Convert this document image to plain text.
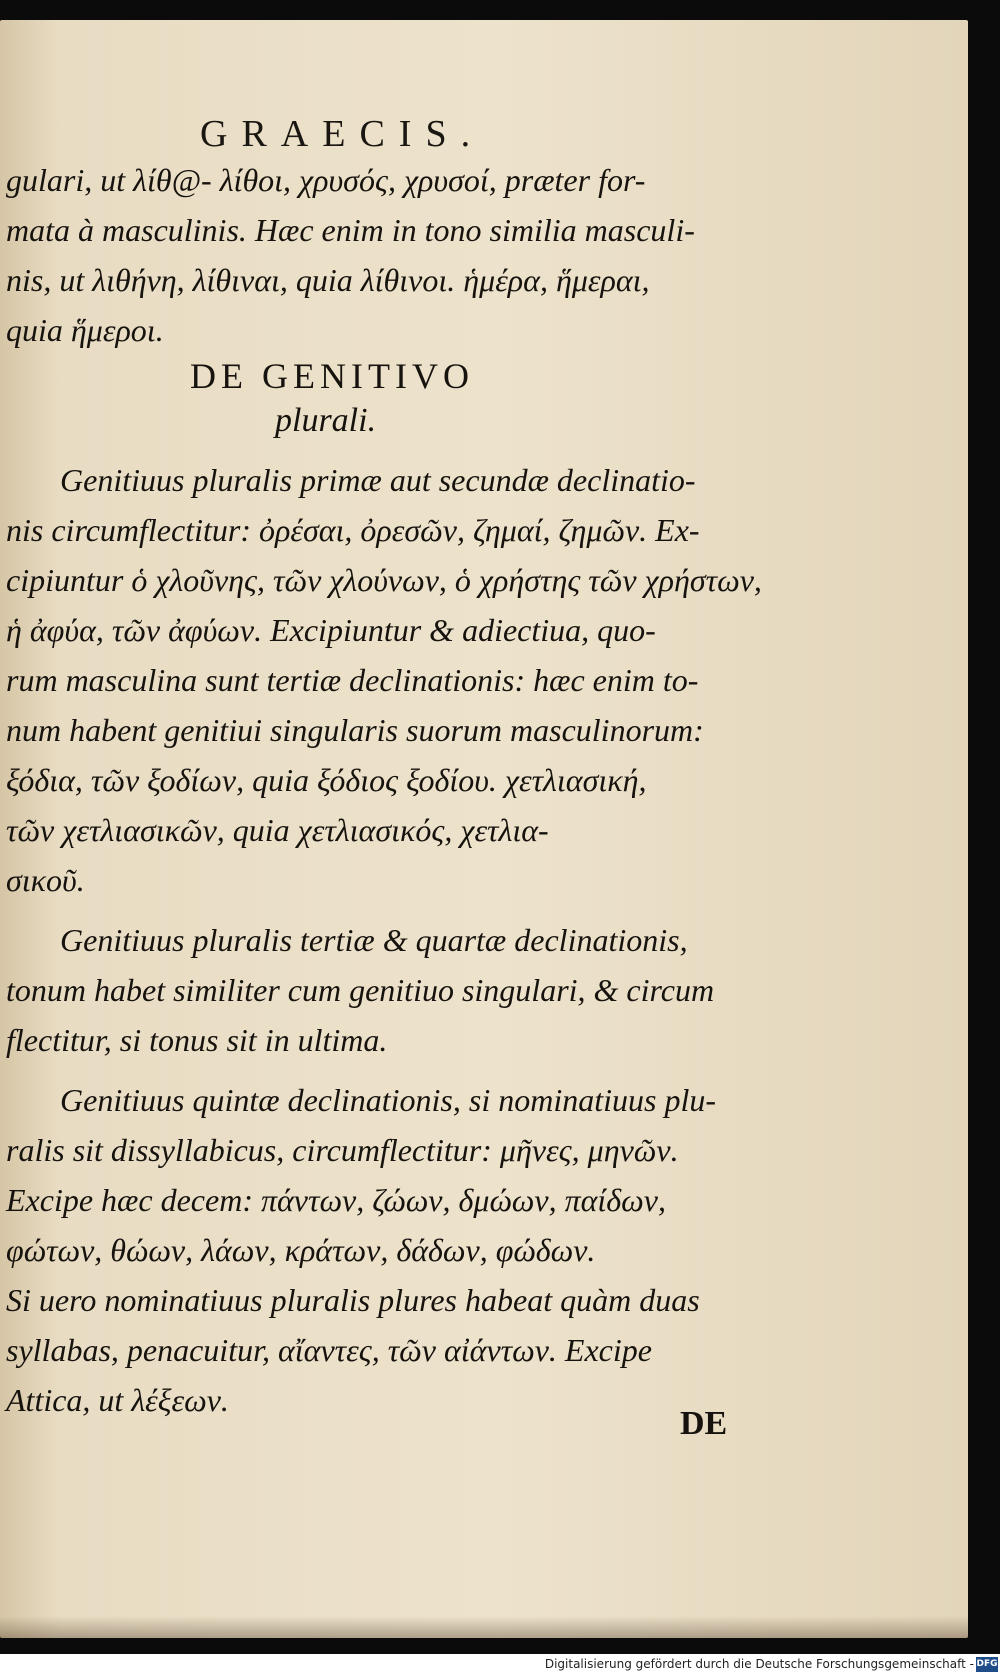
GRAECIS.
gulari, ut λίθ@- λίθοι, χρυσός, χρυσοί, præter for-
mata à masculinis. Hæc enim in tono similia masculi-
nis, ut λιθήνη, λίθιναι, quia λίθινοι. ἡμέρα, ἥμεραι,
quia ἥμεροι.
DE GENITIVO
plurali.
Genitiuus pluralis primæ aut secundæ declinatio-
nis circumflectitur: ὀρέσαι, ὀρεσῶν, ζημαί, ζημῶν. Ex-
cipiuntur ὁ χλοῦνης, τῶν χλούνων, ὁ χρήστης τῶν χρήστων,
ἡ ἀφύα, τῶν ἀφύων. Excipiuntur & adiectiua, quo-
rum masculina sunt tertiæ declinationis: hæc enim to-
num habent genitiui singularis suorum masculinorum:
ξόδια, τῶν ξοδίων, quia ξόδιος ξοδίου. χετλιασική,
τῶν χετλιασικῶν, quia χετλιασικός, χετλια-
σικοῦ.
Genitiuus pluralis tertiæ & quartæ declinationis,
tonum habet similiter cum genitiuo singulari, & circum
flectitur, si tonus sit in ultima.
Genitiuus quintæ declinationis, si nominatiuus plu-
ralis sit dissyllabicus, circumflectitur: μῆνες, μηνῶν.
Excipe hæc decem: πάντων, ζώων, δμώων, παίδων,
φώτων, θώων, λάων, κράτων, δάδων, φώδων.
Si uero nominatiuus pluralis plures habeat quàm duas
syllabas, penacuitur, αἴαντες, τῶν αἰάντων. Excipe
Attica, ut λέξεων.
DE
Digitalisierung gefördert durch die Deutsche Forschungsgemeinschaft - DFG
